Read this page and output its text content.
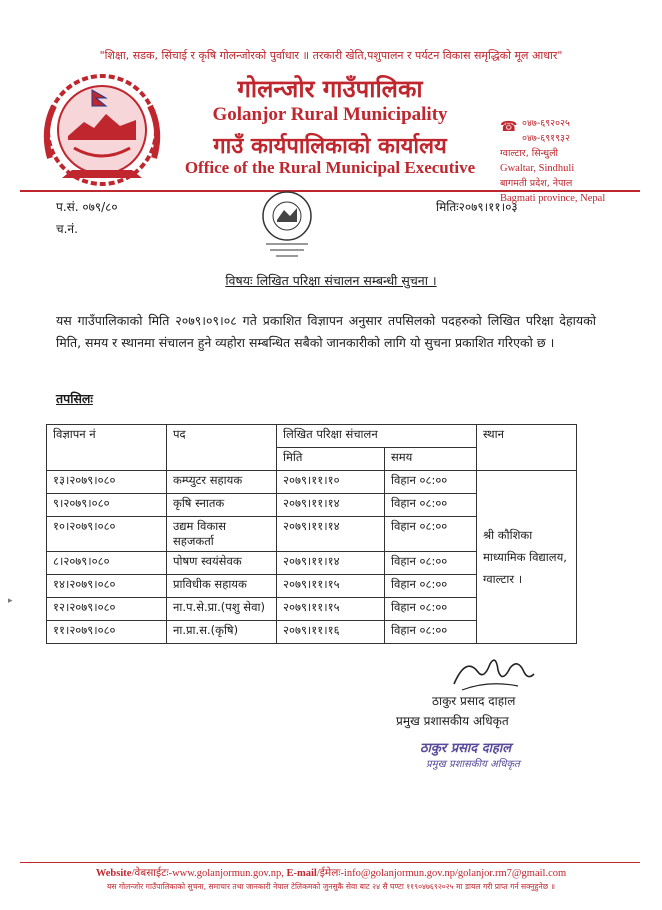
"शिक्षा, सडक, सिंचाई र कृषि गोलन्जोरको पुर्वाधार ॥ तरकारी खेति,पशुपालन र पर्यटन विकास समृद्धिको मूल आधार"
गोलन्जोर गाउँपालिका
Golanjor Rural Municipality
गाउँ कार्यपालिकाको कार्यालय
Office of the Rural Municipal Executive
☎ ०४७-६९२०२५
०४७-६९१९३२
ग्वाल्टार, सिन्धुली
Gwaltar, Sindhuli
बागमती प्रदेश, नेपाल
Bagmati province, Nepal
प.सं. ०७९/८०
च.नं.
मितिः२०७९।११।०३
विषयः लिखित परिक्षा संचालन सम्बन्धी सुचना ।
यस गाउँपालिकाको मिति २०७९।०९।०८ गते प्रकाशित विज्ञापन अनुसार तपसिलको पदहरुको लिखित परिक्षा देहायको मिति, समय र स्थानमा संचालन हुने व्यहोरा सम्बन्धित सबैको जानकारीको लागि यो सुचना प्रकाशित गरिएको छ ।
तपसिलः
विज्ञापन नं	पद	लिखित परिक्षा संचालन		स्थान
		मिति	समय	
१३।२०७९।०८०	कम्प्युटर सहायक	२०७९।११।१०	विहान ०८:००	श्री कौशिका माध्यामिक विद्यालय, ग्वाल्टार ।
९।२०७९।०८०	कृषि स्नातक	२०७९।११।१४	विहान ०८:००	
१०।२०७९।०८०	उद्यम विकास सहजकर्ता	२०७९।११।१४	विहान ०८:००	
८।२०७९।०८०	पोषण स्वयंसेवक	२०७९।११।१४	विहान ०८:००	
१४।२०७९।०८०	प्राविधीक सहायक	२०७९।११।१५	विहान ०८:००	
१२।२०७९।०८०	ना.प.से.प्रा.(पशु सेवा)	२०७९।११।१५	विहान ०८:००	
११।२०७९।०८०	ना.प्रा.स.(कृषि)	२०७९।११।१६	विहान ०८:००	
ठाकुर प्रसाद दाहाल
प्रमुख प्रशासकीय अधिकृत
ठाकुर प्रसाद दाहाल
प्रमुख प्रशासकीय अधिकृत
▸
Website/वेबसाईटः-www.golanjormun.gov.np, E-mail/ईमेलः-info@golanjormun.gov.np/golanjor.rm7@gmail.com
यस गोलन्जोर गाउँपालिकाको सुचना, समाचार तथा जानकारी नेपाल टेलिकमको जुनसुकै सेवा बाट २४ सै घण्टा ११९०४७६९२०२५ मा डायल गरी प्राप्त गर्न सक्नुहुनेछ ॥
